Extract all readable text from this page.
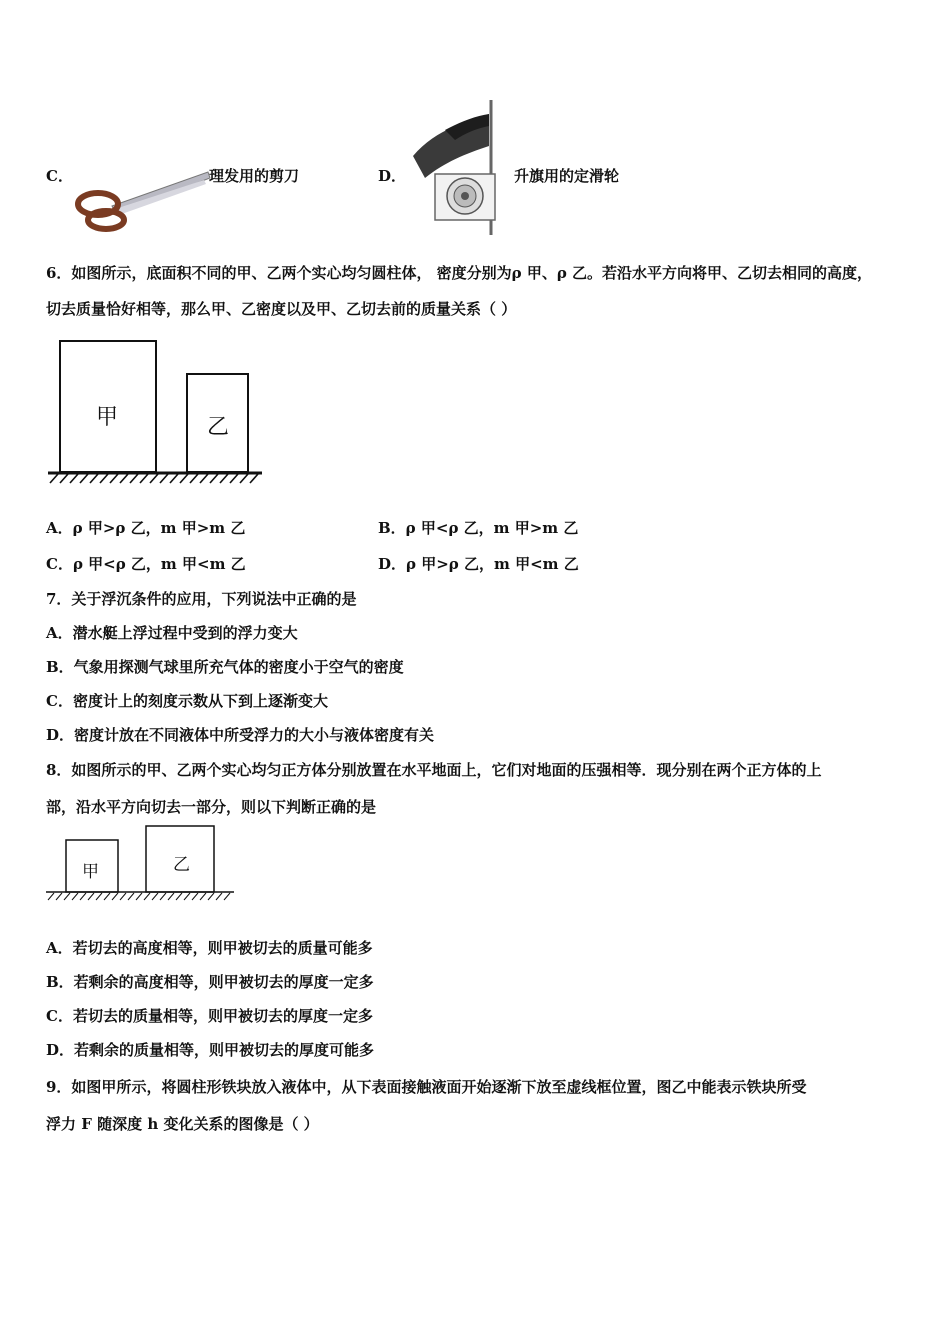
C．	理发用的剪刀	D．	升旗用的定滑轮
6．如图所示，底面积不同的甲、乙两个实心均匀圆柱体， 密度分别为ρ 甲、ρ 乙。若沿水平方向将甲、乙切去相同的高度，
切去质量恰好相等，那么甲、乙密度以及甲、乙切去前的质量关系（ ）
甲	乙
A．ρ 甲>ρ 乙，m 甲>m 乙	B．ρ 甲<ρ 乙，m 甲>m 乙
C．ρ 甲<ρ 乙，m 甲<m 乙	D．ρ 甲>ρ 乙，m 甲<m 乙
7．关于浮沉条件的应用，下列说法中正确的是
A．潜水艇上浮过程中受到的浮力变大
B．气象用探测气球里所充气体的密度小于空气的密度
C．密度计上的刻度示数从下到上逐渐变大
D．密度计放在不同液体中所受浮力的大小与液体密度有关
8．如图所示的甲、乙两个实心均匀正方体分别放置在水平地面上，它们对地面的压强相等．现分别在两个正方体的上
部，沿水平方向切去一部分，则以下判断正确的是
甲	乙
A．若切去的高度相等，则甲被切去的质量可能多
B．若剩余的高度相等，则甲被切去的厚度一定多
C．若切去的质量相等，则甲被切去的厚度一定多
D．若剩余的质量相等，则甲被切去的厚度可能多
9．如图甲所示，将圆柱形铁块放入液体中，从下表面接触液面开始逐渐下放至虚线框位置，图乙中能表示铁块所受
浮力 F 随深度 h 变化关系的图像是（ ）
